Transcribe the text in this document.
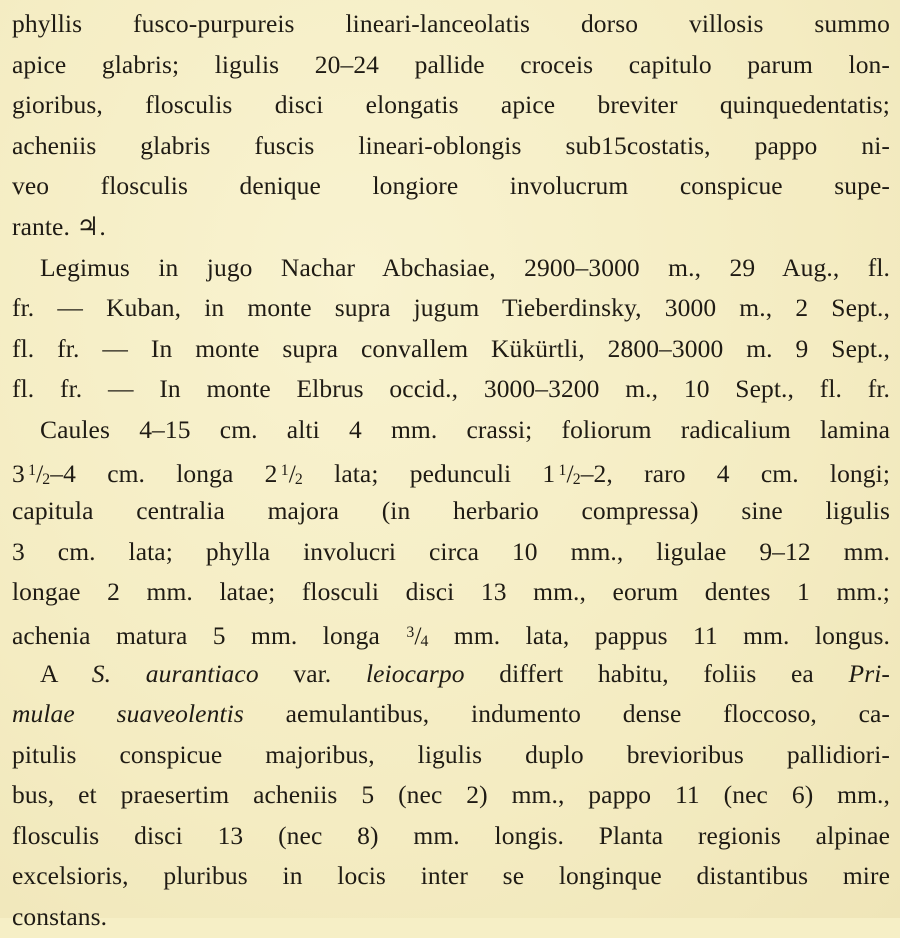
phyllis fusco-purpureis lineari-lanceolatis dorso villosis summo
apice glabris; ligulis 20–24 pallide croceis capitulo parum lon-
gioribus, flosculis disci elongatis apice breviter quinquedentatis;
acheniis glabris fuscis lineari-oblongis sub15costatis, pappo ni-
veo flosculis denique longiore involucrum conspicue supe-
rante. ♃.
Legimus in jugo Nachar Abchasiae, 2900–3000 m., 29 Aug., fl.
fr. — Kuban, in monte supra jugum Tieberdinsky, 3000 m., 2 Sept.,
fl. fr. — In monte supra convallem Kükürtli, 2800–3000 m. 9 Sept.,
fl. fr. — In monte Elbrus occid., 3000–3200 m., 10 Sept., fl. fr.
Caules 4–15 cm. alti 4 mm. crassi; foliorum radicalium lamina
3  1/2–4 cm. longa 2  1/2 lata; pedunculi 1  1/2–2, raro 4 cm. longi;
capitula centralia majora (in herbario compressa) sine ligulis
3 cm. lata; phylla involucri circa 10 mm., ligulae 9–12 mm.
longae 2 mm. latae; flosculi disci 13 mm., eorum dentes 1 mm.;
achenia matura 5 mm. longa 3/4 mm. lata, pappus 11 mm. longus.
A S. aurantiaco var. leiocarpo differt habitu, foliis ea Pri-
mulae suaveolentis aemulantibus, indumento dense floccoso, ca-
pitulis conspicue majoribus, ligulis duplo brevioribus pallidiori-
bus, et praesertim acheniis 5 (nec 2) mm., pappo 11 (nec 6) mm.,
flosculis disci 13 (nec 8) mm. longis. Planta regionis alpinae
excelsioris, pluribus in locis inter se longinque distantibus mire
constans.
